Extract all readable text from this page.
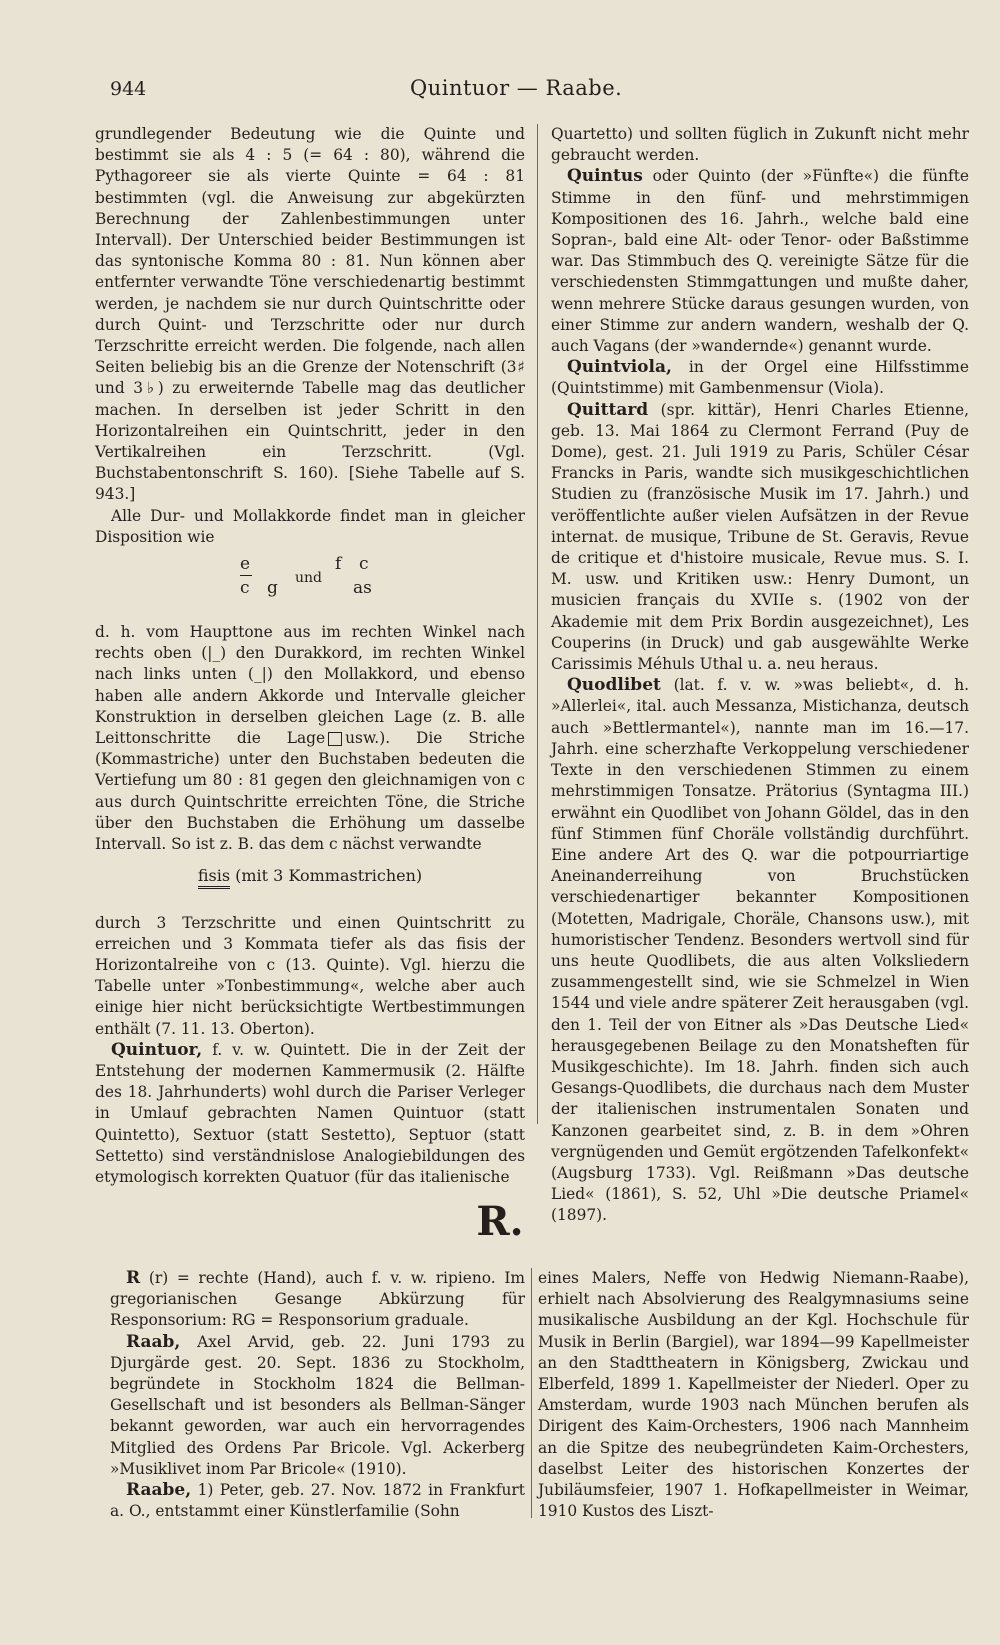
944	Quintuor — Raabe.

grundlegender Bedeutung wie die Quinte und bestimmt sie als 4 : 5 (= 64 : 80), während die Pythagoreer sie als vierte Quinte = 64 : 81 bestimmten (vgl. die Anweisung zur abgekürzten Berechnung der Zahlenbestimmungen unter Intervall). Der Unterschied beider Bestimmungen ist das syntonische Komma 80 : 81. Nun können aber entfernter verwandte Töne verschiedenartig bestimmt werden, je nachdem sie nur durch Quintschritte oder durch Quint- und Terzschritte oder nur durch Terzschritte erreicht werden. Die folgende, nach allen Seiten beliebig bis an die Grenze der Notenschrift (3♯ und 3♭) zu erweiternde Tabelle mag das deutlicher machen. In derselben ist jeder Schritt in den Horizontalreihen ein Quintschritt, jeder in den Vertikalreihen ein Terzschritt. (Vgl. Buchstabentonschrift S. 160). [Siehe Tabelle auf S. 943.]

Alle Dur- und Mollakkorde findet man in gleicher Disposition wie

e
c g und
f c
as

d. h. vom Haupttone aus im rechten Winkel nach rechts oben (|_) den Durakkord, im rechten Winkel nach links unten (_|) den Mollakkord, und ebenso haben alle andern Akkorde und Intervalle gleicher Konstruktion in derselben gleichen Lage (z. B. alle Leittonschritte die Lage usw.). Die Striche (Kommastriche) unter den Buchstaben bedeuten die Vertiefung um 80 : 81 gegen den gleichnamigen von c aus durch Quintschritte erreichten Töne, die Striche über den Buchstaben die Erhöhung um dasselbe Intervall. So ist z. B. das dem c nächst verwandte

fisis (mit 3 Kommastrichen)

durch 3 Terzschritte und einen Quintschritt zu erreichen und 3 Kommata tiefer als das fisis der Horizontalreihe von c (13. Quinte). Vgl. hierzu die Tabelle unter »Tonbestimmung«, welche aber auch einige hier nicht berücksichtigte Wertbestimmungen enthält (7. 11. 13. Oberton).

Quintuor, f. v. w. Quintett. Die in der Zeit der Entstehung der modernen Kammermusik (2. Hälfte des 18. Jahrhunderts) wohl durch die Pariser Verleger in Umlauf gebrachten Namen Quintuor (statt Quintetto), Sextuor (statt Sestetto), Septuor (statt Settetto) sind verständnislose Analogiebildungen des etymologisch korrekten Quatuor (für das italienische

Quartetto) und sollten füglich in Zukunft nicht mehr gebraucht werden.

Quintus oder Quinto (der »Fünfte«) die fünfte Stimme in den fünf- und mehrstimmigen Kompositionen des 16. Jahrh., welche bald eine Sopran-, bald eine Alt- oder Tenor- oder Baßstimme war. Das Stimmbuch des Q. vereinigte Sätze für die verschiedensten Stimmgattungen und mußte daher, wenn mehrere Stücke daraus gesungen wurden, von einer Stimme zur andern wandern, weshalb der Q. auch Vagans (der »wandernde«) genannt wurde.

Quintviola, in der Orgel eine Hilfsstimme (Quintstimme) mit Gambenmensur (Viola).

Quittard (spr. kittär), Henri Charles Etienne, geb. 13. Mai 1864 zu Clermont Ferrand (Puy de Dome), gest. 21. Juli 1919 zu Paris, Schüler César Francks in Paris, wandte sich musikgeschichtlichen Studien zu (französische Musik im 17. Jahrh.) und veröffentlichte außer vielen Aufsätzen in der Revue internat. de musique, Tribune de St. Geravis, Revue de critique et d'histoire musicale, Revue mus. S. I. M. usw. und Kritiken usw.: Henry Dumont, un musicien français du XVIIe s. (1902 von der Akademie mit dem Prix Bordin ausgezeichnet), Les Couperins (in Druck) und gab ausgewählte Werke Carissimis Méhuls Uthal u. a. neu heraus.

Quodlibet (lat. f. v. w. »was beliebt«, d. h. »Allerlei«, ital. auch Messanza, Mistichanza, deutsch auch »Bettlermantel«), nannte man im 16.—17. Jahrh. eine scherzhafte Verkoppelung verschiedener Texte in den verschiedenen Stimmen zu einem mehrstimmigen Tonsatze. Prätorius (Syntagma III.) erwähnt ein Quodlibet von Johann Göldel, das in den fünf Stimmen fünf Choräle vollständig durchführt. Eine andere Art des Q. war die potpourriartige Aneinanderreihung von Bruchstücken verschiedenartiger bekannter Kompositionen (Motetten, Madrigale, Choräle, Chansons usw.), mit humoristischer Tendenz. Besonders wertvoll sind für uns heute Quodlibets, die aus alten Volksliedern zusammengestellt sind, wie sie Schmelzel in Wien 1544 und viele andre späterer Zeit herausgaben (vgl. den 1. Teil der von Eitner als »Das Deutsche Lied« herausgegebenen Beilage zu den Monatsheften für Musikgeschichte). Im 18. Jahrh. finden sich auch Gesangs-Quodlibets, die durchaus nach dem Muster der italienischen instrumentalen Sonaten und Kanzonen gearbeitet sind, z. B. in dem »Ohren vergnügenden und Gemüt ergötzenden Tafelkonfekt« (Augsburg 1733). Vgl. Reißmann »Das deutsche Lied« (1861), S. 52, Uhl »Die deutsche Priamel« (1897).

R.

R (r) = rechte (Hand), auch f. v. w. ripieno. Im gregorianischen Gesange Abkürzung für Responsorium: RG = Responsorium graduale.

Raab, Axel Arvid, geb. 22. Juni 1793 zu Djurgärde gest. 20. Sept. 1836 zu Stockholm, begründete in Stockholm 1824 die Bellman-Gesellschaft und ist besonders als Bellman-Sänger bekannt geworden, war auch ein hervorragendes Mitglied des Ordens Par Bricole. Vgl. Ackerberg »Musiklivet inom Par Bricole« (1910).

Raabe, 1) Peter, geb. 27. Nov. 1872 in Frankfurt a. O., entstammt einer Künstlerfamilie (Sohn

eines Malers, Neffe von Hedwig Niemann-Raabe), erhielt nach Absolvierung des Realgymnasiums seine musikalische Ausbildung an der Kgl. Hochschule für Musik in Berlin (Bargiel), war 1894—99 Kapellmeister an den Stadttheatern in Königsberg, Zwickau und Elberfeld, 1899 1. Kapellmeister der Niederl. Oper zu Amsterdam, wurde 1903 nach München berufen als Dirigent des Kaim-Orchesters, 1906 nach Mannheim an die Spitze des neubegründeten Kaim-Orchesters, daselbst Leiter des historischen Konzertes der Jubiläumsfeier, 1907 1. Hofkapellmeister in Weimar, 1910 Kustos des Liszt-
